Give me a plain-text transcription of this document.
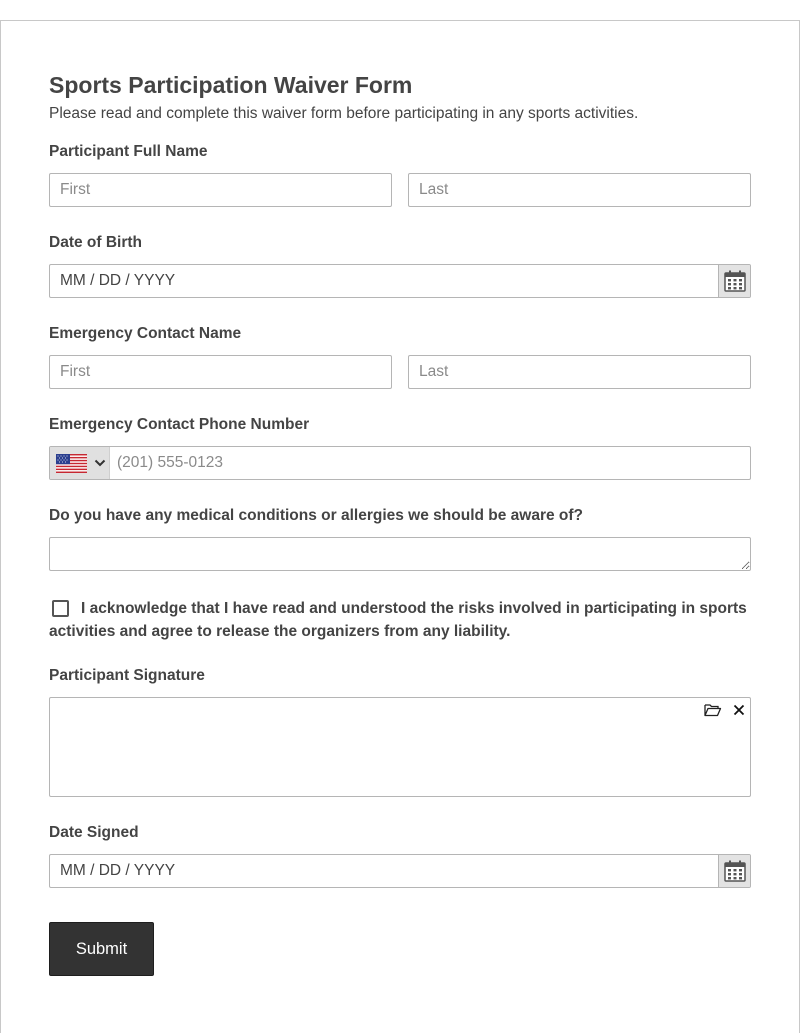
Sports Participation Waiver Form
Please read and complete this waiver form before participating in any sports activities.
Participant Full Name
First
Last
Date of Birth
MM / DD / YYYY
Emergency Contact Name
First
Last
Emergency Contact Phone Number
(201) 555-0123
Do you have any medical conditions or allergies we should be aware of?
I acknowledge that I have read and understood the risks involved in participating in sports activities and agree to release the organizers from any liability.
Participant Signature
Date Signed
MM / DD / YYYY
Submit
